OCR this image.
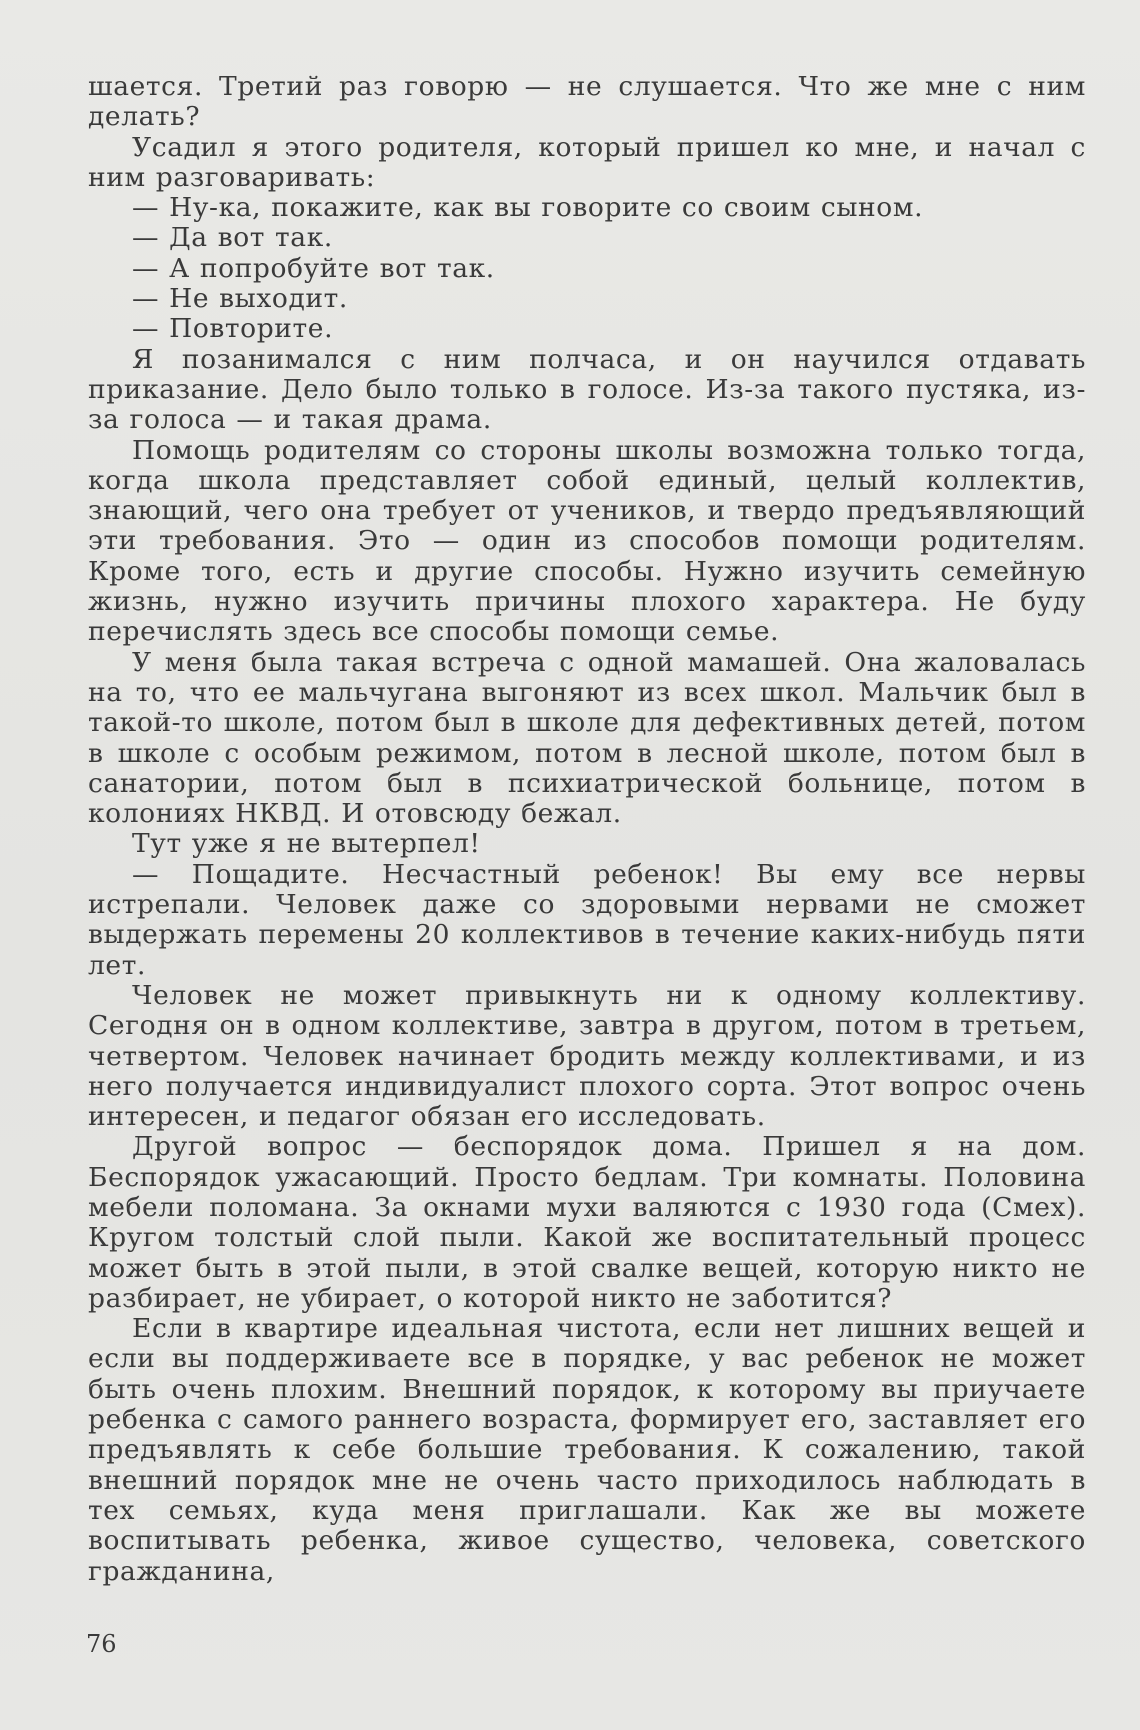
шается. Третий раз говорю — не слушается. Что же мне с ним делать?

Усадил я этого родителя, который пришел ко мне, и начал с ним разговаривать:

— Ну-ка, покажите, как вы говорите со своим сыном.

— Да вот так.

— А попробуйте вот так.

— Не выходит.

— Повторите.

Я позанимался с ним полчаса, и он научился отдавать приказание. Дело было только в голосе. Из-за такого пустяка, из-за голоса — и такая драма.

Помощь родителям со стороны школы возможна только тогда, когда школа представляет собой единый, целый коллектив, знающий, чего она требует от учеников, и твердо предъявляющий эти требования. Это — один из способов помощи родителям. Кроме того, есть и другие способы. Нужно изучить семейную жизнь, нужно изучить причины плохого характера. Не буду перечислять здесь все способы помощи семье.

У меня была такая встреча с одной мамашей. Она жаловалась на то, что ее мальчугана выгоняют из всех школ. Мальчик был в такой-то школе, потом был в школе для дефективных детей, потом в школе с особым режимом, потом в лесной школе, потом был в санатории, потом был в психиатрической больнице, потом в колониях НКВД. И отовсюду бежал.

Тут уже я не вытерпел!

— Пощадите. Несчастный ребенок! Вы ему все нервы истрепали. Человек даже со здоровыми нервами не сможет выдержать перемены 20 коллективов в течение каких-нибудь пяти лет.

Человек не может привыкнуть ни к одному коллективу. Сегодня он в одном коллективе, завтра в другом, потом в третьем, четвертом. Человек начинает бродить между коллективами, и из него получается индивидуалист плохого сорта. Этот вопрос очень интересен, и педагог обязан его исследовать.

Другой вопрос — беспорядок дома. Пришел я на дом. Беспорядок ужасающий. Просто бедлам. Три комнаты. Половина мебели поломана. За окнами мухи валяются с 1930 года (Смех). Кругом толстый слой пыли. Какой же воспитательный процесс может быть в этой пыли, в этой свалке вещей, которую никто не разбирает, не убирает, о которой никто не заботится?

Если в квартире идеальная чистота, если нет лишних вещей и если вы поддерживаете все в порядке, у вас ребенок не может быть очень плохим. Внешний порядок, к которому вы приучаете ребенка с самого раннего возраста, формирует его, заставляет его предъявлять к себе большие требования. К сожалению, такой внешний порядок мне не очень часто приходилось наблюдать в тех семьях, куда меня приглашали. Как же вы можете воспитывать ребенка, живое существо, человека, советского гражданина,

76
